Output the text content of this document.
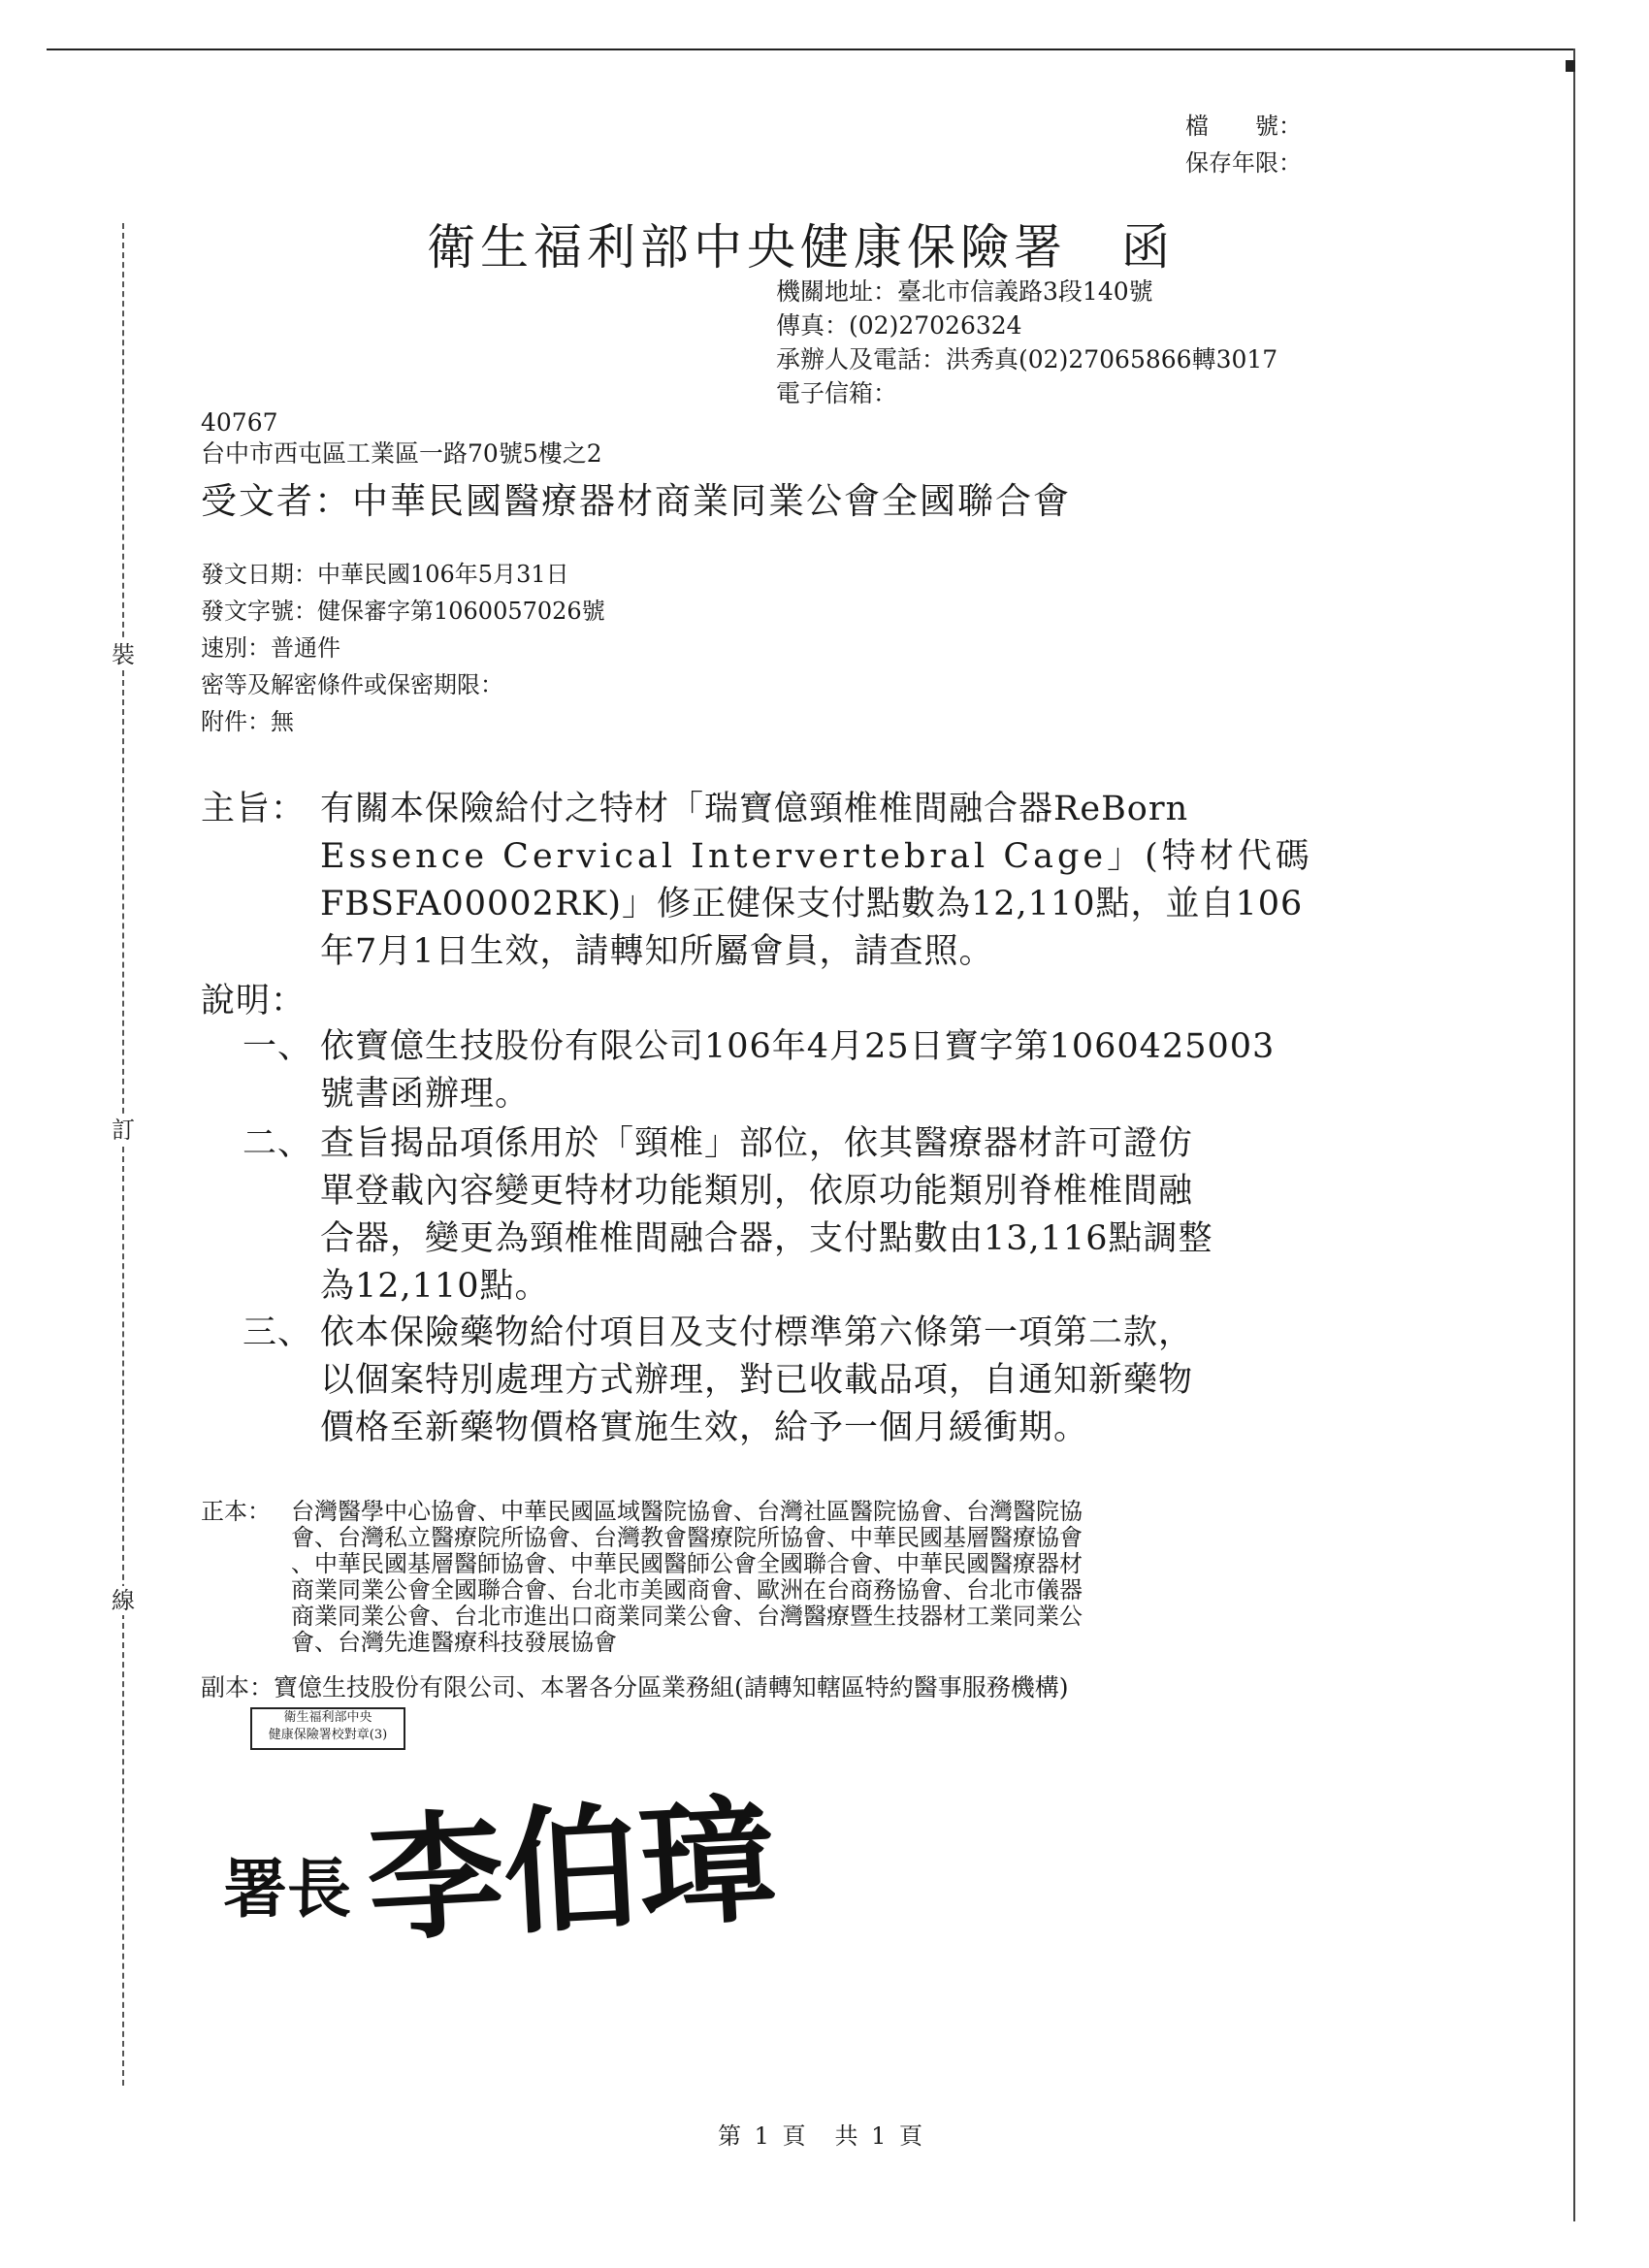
裝
訂
線
檔　　號：
保存年限：
衛生福利部中央健康保險署 函
機關地址：臺北市信義路3段140號
傳真：(02)27026324
承辦人及電話：洪秀真(02)27065866轉3017
電子信箱：
40767
台中市西屯區工業區一路70號5樓之2
受文者：中華民國醫療器材商業同業公會全國聯合會
發文日期：中華民國106年5月31日
發文字號：健保審字第1060057026號
速別：普通件
密等及解密條件或保密期限：
附件：無
主旨： 有關本保險給付之特材「瑞寶億頸椎椎間融合器ReBorn
Essence Cervical Intervertebral Cage」(特材代碼
FBSFA00002RK)」修正健保支付點數為12,110點，並自106
年7月1日生效，請轉知所屬會員，請查照。
說明：
一、 依寶億生技股份有限公司106年4月25日寶字第1060425003
號書函辦理。
二、 查旨揭品項係用於「頸椎」部位，依其醫療器材許可證仿
單登載內容變更特材功能類別，依原功能類別脊椎椎間融
合器，變更為頸椎椎間融合器，支付點數由13,116點調整
為12,110點。
三、 依本保險藥物給付項目及支付標準第六條第一項第二款，
以個案特別處理方式辦理，對已收載品項，自通知新藥物
價格至新藥物價格實施生效，給予一個月緩衝期。
正本： 台灣醫學中心協會、中華民國區域醫院協會、台灣社區醫院協會、台灣醫院協
會、台灣私立醫療院所協會、台灣教會醫療院所協會、中華民國基層醫療協會
、中華民國基層醫師協會、中華民國醫師公會全國聯合會、中華民國醫療器材
商業同業公會全國聯合會、台北市美國商會、歐洲在台商務協會、台北市儀器
商業同業公會、台北市進出口商業同業公會、台灣醫療暨生技器材工業同業公
會、台灣先進醫療科技發展協會
副本：寶億生技股份有限公司、本署各分區業務組(請轉知轄區特約醫事服務機構)
衛生福利部中央
健康保險署校對章(3)
署長 李伯璋
第 1 頁　共 1 頁
